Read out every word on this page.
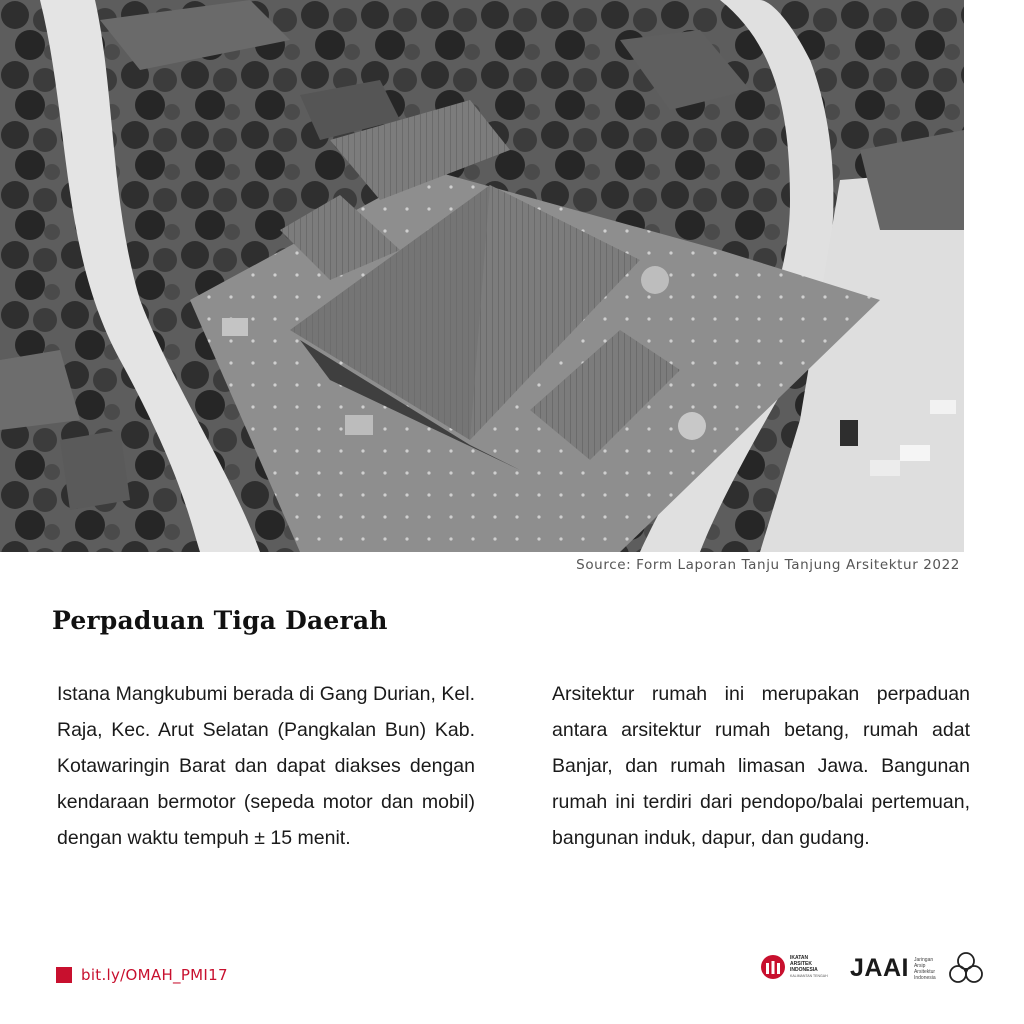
Source: Form Laporan Tanju Tanjung Arsitektur 2022
Perpaduan Tiga Daerah

Istana Mangkubumi berada di Gang Durian, Kel. Raja, Kec. Arut Selatan (Pangkalan Bun) Kab. Kotawaringin Barat dan dapat diakses dengan kendaraan bermotor (sepeda motor dan mobil) dengan waktu tempuh ± 15 menit.

Arsitektur rumah ini merupakan perpaduan antara arsitektur rumah betang, rumah adat Banjar, dan rumah limasan Jawa. Bangunan rumah ini terdiri dari pendopo/balai pertemuan, bangunan induk, dapur, dan gudang.

bit.ly/OMAH_PMI17
IKATAN
ARSITEK
INDONESIA
KALIMANTAN TENGAH JAAI Jaringan
Arsip
Arsitektur
Indonesia
